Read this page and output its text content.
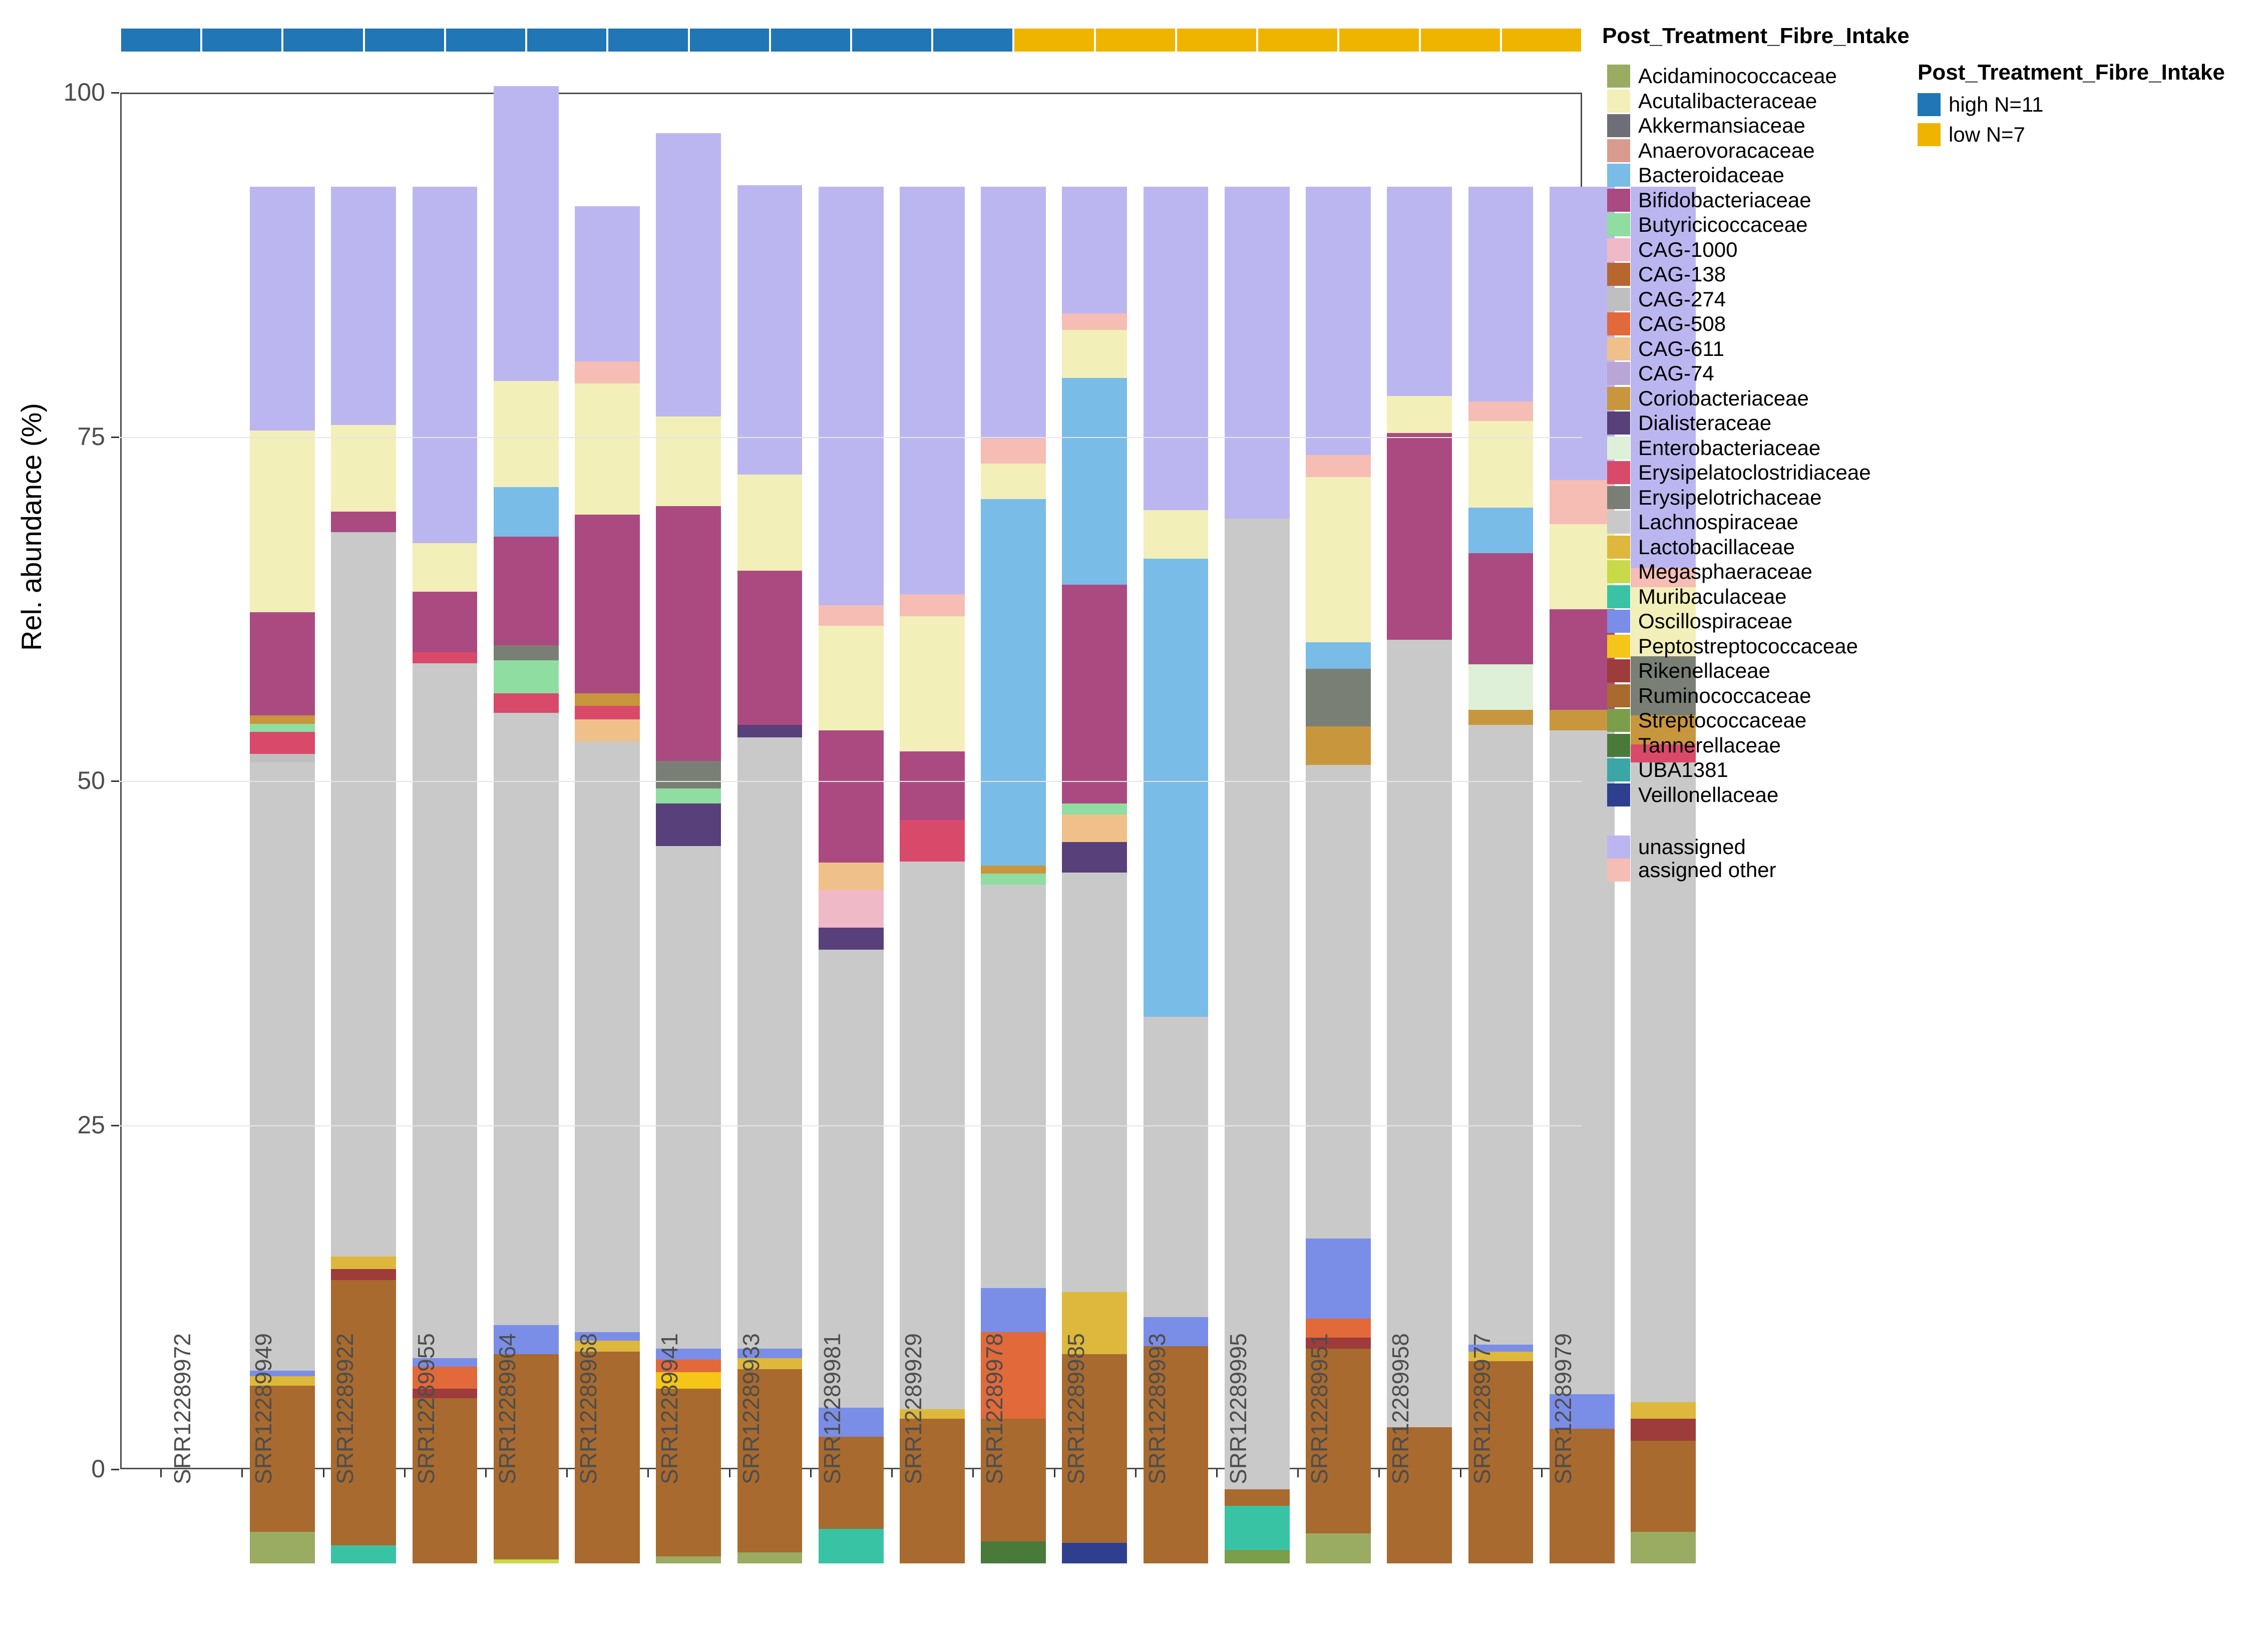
Rel. abundance (%)
100
75
50
25
0
Post_Treatment_Fibre_Intake
SRR12289972 SRR12289949 SRR12289922 SRR12289955 SRR12289964 SRR12289968 SRR12289941 SRR12289933 SRR12289981 SRR12289929 SRR12289978 SRR12289985 SRR12289993 SRR12289995 SRR12289951 SRR12289958 SRR12289977 SRR12289979
Acidaminococcaceae
Acutalibacteraceae
Akkermansiaceae
Anaerovoracaceae
Bacteroidaceae
Bifidobacteriaceae
Butyricicoccaceae
CAG-1000
CAG-138
CAG-274
CAG-508
CAG-611
CAG-74
Coriobacteriaceae
Dialisteraceae
Enterobacteriaceae
Erysipelatoclostridiaceae
Erysipelotrichaceae
Lachnospiraceae
Lactobacillaceae
Megasphaeraceae
Muribaculaceae
Oscillospiraceae
Peptostreptococcaceae
Rikenellaceae
Ruminococcaceae
Streptococcaceae
Tannerellaceae
UBA1381
Veillonellaceae
unassigned
assigned other
Post_Treatment_Fibre_Intake
high N=11
low N=7
